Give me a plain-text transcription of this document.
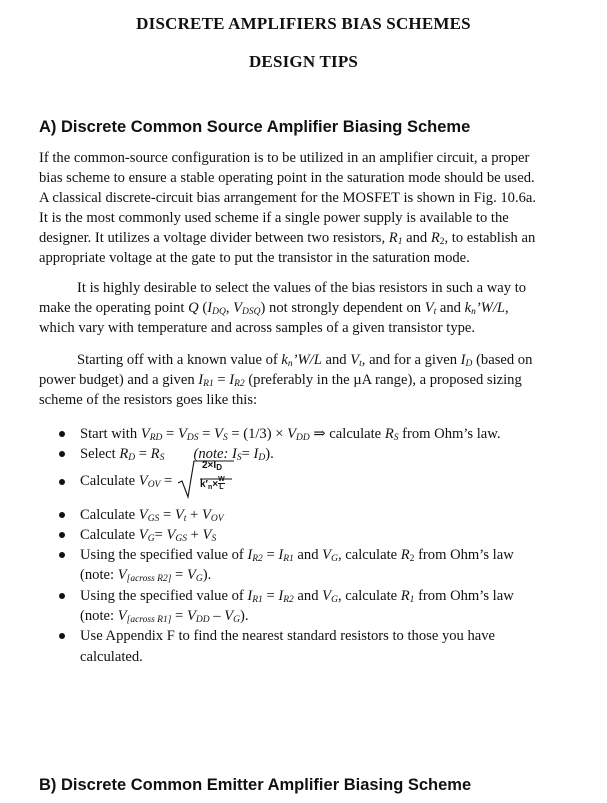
DISCRETE AMPLIFIERS BIAS SCHEMES
DESIGN TIPS
A) Discrete Common Source Amplifier Biasing Scheme
If the common-source configuration is to be utilized in an amplifier circuit, a proper
bias scheme to ensure a stable operating point in the saturation mode should be used.
A classical discrete-circuit bias arrangement for the MOSFET is shown in Fig. 10.6a.
It is the most commonly used scheme if a single power supply is available to the
designer. It utilizes a voltage divider between two resistors, $R_1$ and $R_2$, to establish an
appropriate voltage at the gate to put the transistor in the saturation mode.
It is highly desirable to select the values of the bias resistors in such a way to
make the operating point Q ($I_{DQ}$, $V_{DSQ}$) not strongly dependent on $V_t$ and $k_n’W/L$,
which vary with temperature and across samples of a given transistor type.
Starting off with a known value of $k_n’W/L$ and $V_t$, and for a given $I_D$ (based on
power budget) and a given $I_{R1} = I_{R2}$ (preferably in the µA range), a proposed sizing
scheme of the resistors goes like this:
Start with $V_{RD} = V_{DS} = V_S = (1/3) \times V_{DD}$ ⇒ calculate $R_S$ from Ohm’s law.
Select $R_D = R_S$ (note: $I_S= I_D$).
Calculate $V_{OV}$ =
$2\times I_D$
$k'_n\times \frac{W}{L}$
Calculate $V_{GS} = V_t + V_{OV}$
Calculate $V_G= V_{GS} + V_S$
Using the specified value of $I_{R2} = I_{R1}$ and $V_G$, calculate $R_2$ from Ohm’s law
(note: $V_{[across R2]} = V_G$).
Using the specified value of $I_{R1} = I_{R2}$ and $V_G$, calculate $R_1$ from Ohm’s law
(note: $V_{[across R1]} = V_{DD} - V_G$).
Use Appendix F to find the nearest standard resistors to those you have
calculated.
B) Discrete Common Emitter Amplifier Biasing Scheme
